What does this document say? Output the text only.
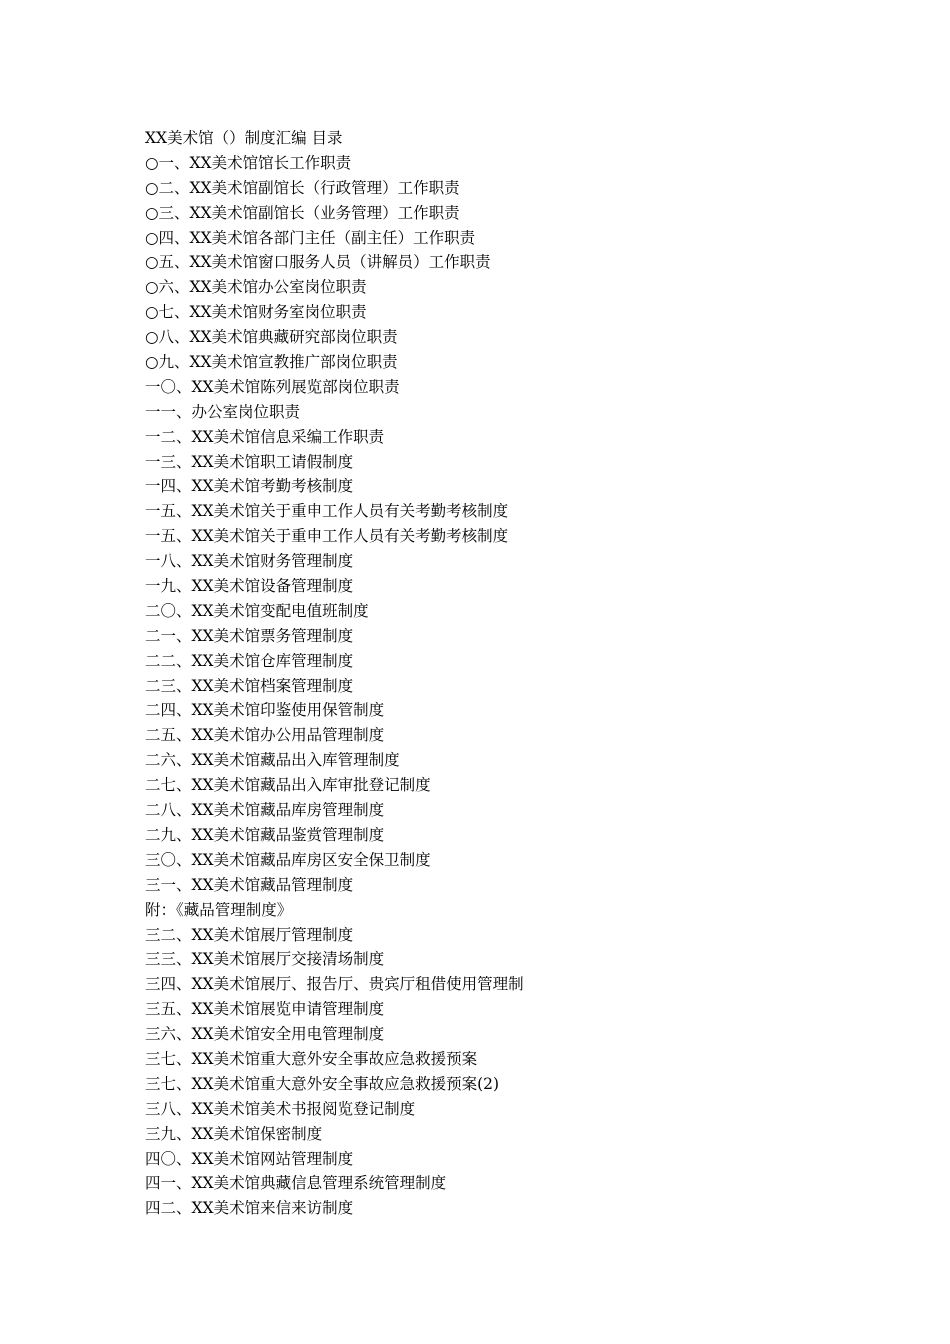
XX美术馆（）制度汇编 目录
○一、XX美术馆馆长工作职责
○二、XX美术馆副馆长（行政管理）工作职责
○三、XX美术馆副馆长（业务管理）工作职责
○四、XX美术馆各部门主任（副主任）工作职责
○五、XX美术馆窗口服务人员（讲解员）工作职责
○六、XX美术馆办公室岗位职责
○七、XX美术馆财务室岗位职责
○八、XX美术馆典藏研究部岗位职责
○九、XX美术馆宣教推广部岗位职责
一〇、XX美术馆陈列展览部岗位职责
一一、办公室岗位职责
一二、XX美术馆信息采编工作职责
一三、XX美术馆职工请假制度
一四、XX美术馆考勤考核制度
一五、XX美术馆关于重申工作人员有关考勤考核制度
一五、XX美术馆关于重申工作人员有关考勤考核制度
一八、XX美术馆财务管理制度
一九、XX美术馆设备管理制度
二〇、XX美术馆变配电值班制度
二一、XX美术馆票务管理制度
二二、XX美术馆仓库管理制度
二三、XX美术馆档案管理制度
二四、XX美术馆印鉴使用保管制度
二五、XX美术馆办公用品管理制度
二六、XX美术馆藏品出入库管理制度
二七、XX美术馆藏品出入库审批登记制度
二八、XX美术馆藏品库房管理制度
二九、XX美术馆藏品鉴赏管理制度
三〇、XX美术馆藏品库房区安全保卫制度
三一、XX美术馆藏品管理制度
附：《藏品管理制度》
三二、XX美术馆展厅管理制度
三三、XX美术馆展厅交接清场制度
三四、XX美术馆展厅、报告厅、贵宾厅租借使用管理制
三五、XX美术馆展览申请管理制度
三六、XX美术馆安全用电管理制度
三七、XX美术馆重大意外安全事故应急救援预案
三七、XX美术馆重大意外安全事故应急救援预案(2)
三八、XX美术馆美术书报阅览登记制度
三九、XX美术馆保密制度
四〇、XX美术馆网站管理制度
四一、XX美术馆典藏信息管理系统管理制度
四二、XX美术馆来信来访制度
